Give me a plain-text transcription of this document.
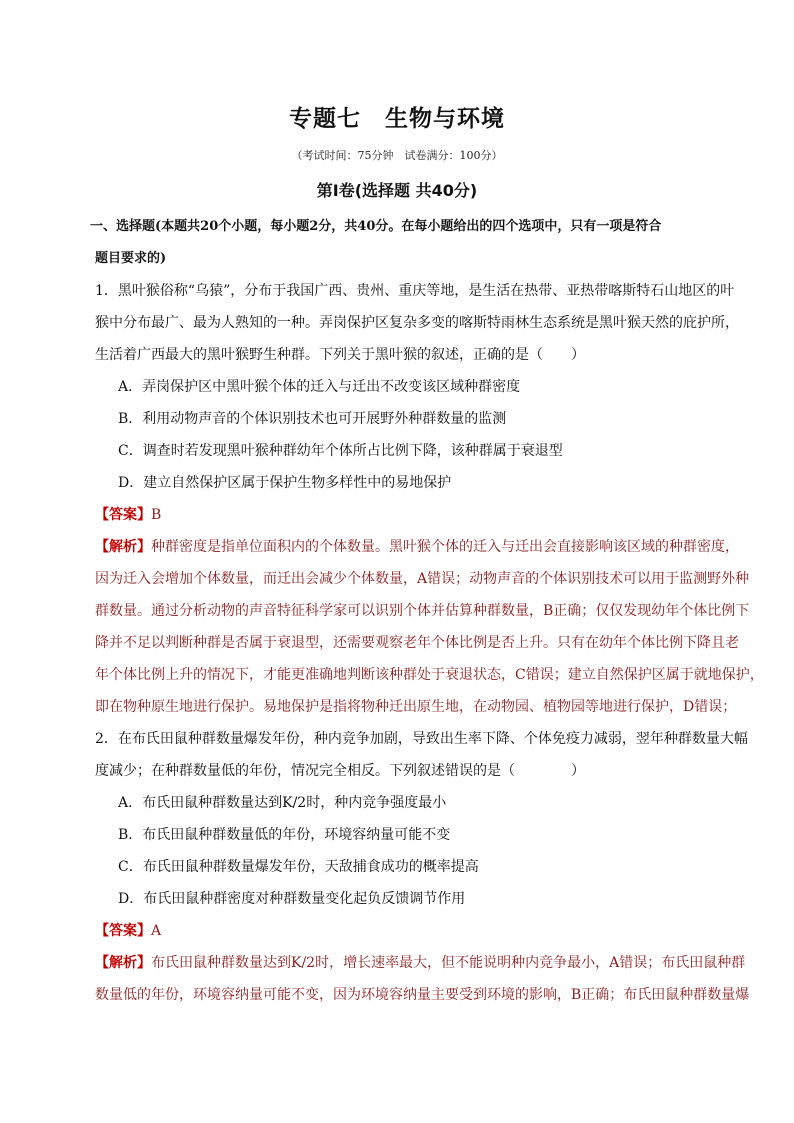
专题七　生物与环境
（考试时间：75分钟　试卷满分：100分）
第Ⅰ卷(选择题 共40分)
一、选择题(本题共20个小题，每小题2分，共40分。在每小题给出的四个选项中，只有一项是符合
题目要求的)
1．黑叶猴俗称“乌猿”，分布于我国广西、贵州、重庆等地，是生活在热带、亚热带喀斯特石山地区的叶
猴中分布最广、最为人熟知的一种。弄岗保护区复杂多变的喀斯特雨林生态系统是黑叶猴天然的庇护所，
生活着广西最大的黑叶猴野生种群。下列关于黑叶猴的叙述，正确的是（　　）
A．弄岗保护区中黑叶猴个体的迁入与迁出不改变该区域种群密度
B．利用动物声音的个体识别技术也可开展野外种群数量的监测
C．调查时若发现黑叶猴种群幼年个体所占比例下降，该种群属于衰退型
D．建立自然保护区属于保护生物多样性中的易地保护
【答案】B
【解析】种群密度是指单位面积内的个体数量。黑叶猴个体的迁入与迁出会直接影响该区域的种群密度，
因为迁入会增加个体数量，而迁出会减少个体数量，A错误；动物声音的个体识别技术可以用于监测野外种
群数量。通过分析动物的声音特征科学家可以识别个体并估算种群数量，B正确；仅仅发现幼年个体比例下
降并不足以判断种群是否属于衰退型，还需要观察老年个体比例是否上升。只有在幼年个体比例下降且老
年个体比例上升的情况下，才能更准确地判断该种群处于衰退状态，C错误；建立自然保护区属于就地保护，
即在物种原生地进行保护。易地保护是指将物种迁出原生地，在动物园、植物园等地进行保护，D错误；
2．在布氏田鼠种群数量爆发年份，种内竞争加剧，导致出生率下降、个体免疫力减弱，翌年种群数量大幅
度减少；在种群数量低的年份，情况完全相反。下列叙述错误的是（　　　　）
A．布氏田鼠种群数量达到K/2时，种内竞争强度最小
B．布氏田鼠种群数量低的年份，环境容纳量可能不变
C．布氏田鼠种群数量爆发年份，天敌捕食成功的概率提高
D．布氏田鼠种群密度对种群数量变化起负反馈调节作用
【答案】A
【解析】布氏田鼠种群数量达到K/2时，增长速率最大，但不能说明种内竞争最小，A错误；布氏田鼠种群
数量低的年份，环境容纳量可能不变，因为环境容纳量主要受到环境的影响，B正确；布氏田鼠种群数量爆
